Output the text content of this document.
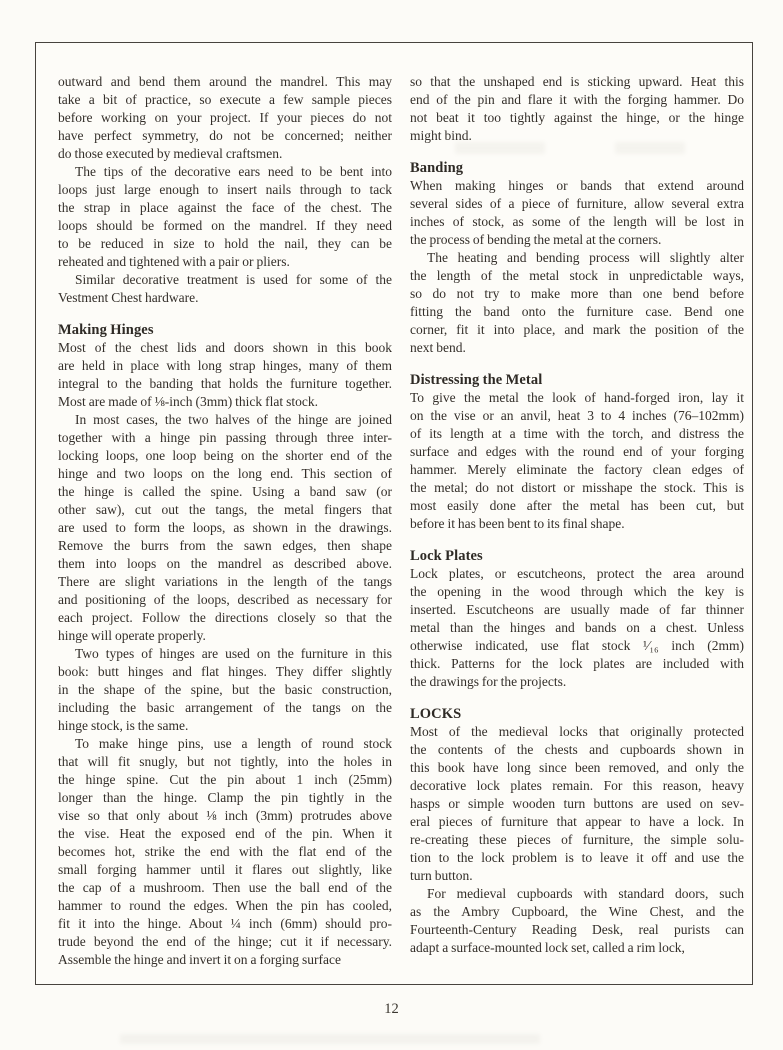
outward and bend them around the mandrel. This may
take a bit of practice, so execute a few sample pieces
before working on your project. If your pieces do not
have perfect symmetry, do not be concerned; neither
do those executed by medieval craftsmen.
The tips of the decorative ears need to be bent into
loops just large enough to insert nails through to tack
the strap in place against the face of the chest. The
loops should be formed on the mandrel. If they need
to be reduced in size to hold the nail, they can be
reheated and tightened with a pair or pliers.
Similar decorative treatment is used for some of the
Vestment Chest hardware.
Making Hinges
Most of the chest lids and doors shown in this book
are held in place with long strap hinges, many of them
integral to the banding that holds the furniture together.
Most are made of ⅛-inch (3mm) thick flat stock.
In most cases, the two halves of the hinge are joined
together with a hinge pin passing through three inter-
locking loops, one loop being on the shorter end of the
hinge and two loops on the long end. This section of
the hinge is called the spine. Using a band saw (or
other saw), cut out the tangs, the metal fingers that
are used to form the loops, as shown in the drawings.
Remove the burrs from the sawn edges, then shape
them into loops on the mandrel as described above.
There are slight variations in the length of the tangs
and positioning of the loops, described as necessary for
each project. Follow the directions closely so that the
hinge will operate properly.
Two types of hinges are used on the furniture in this
book: butt hinges and flat hinges. They differ slightly
in the shape of the spine, but the basic construction,
including the basic arrangement of the tangs on the
hinge stock, is the same.
To make hinge pins, use a length of round stock
that will fit snugly, but not tightly, into the holes in
the hinge spine. Cut the pin about 1 inch (25mm)
longer than the hinge. Clamp the pin tightly in the
vise so that only about ⅛ inch (3mm) protrudes above
the vise. Heat the exposed end of the pin. When it
becomes hot, strike the end with the flat end of the
small forging hammer until it flares out slightly, like
the cap of a mushroom. Then use the ball end of the
hammer to round the edges. When the pin has cooled,
fit it into the hinge. About ¼ inch (6mm) should pro-
trude beyond the end of the hinge; cut it if necessary.
Assemble the hinge and invert it on a forging surface
so that the unshaped end is sticking upward. Heat this
end of the pin and flare it with the forging hammer. Do
not beat it too tightly against the hinge, or the hinge
might bind.
Banding
When making hinges or bands that extend around
several sides of a piece of furniture, allow several extra
inches of stock, as some of the length will be lost in
the process of bending the metal at the corners.
The heating and bending process will slightly alter
the length of the metal stock in unpredictable ways,
so do not try to make more than one bend before
fitting the band onto the furniture case. Bend one
corner, fit it into place, and mark the position of the
next bend.
Distressing the Metal
To give the metal the look of hand-forged iron, lay it
on the vise or an anvil, heat 3 to 4 inches (76–102mm)
of its length at a time with the torch, and distress the
surface and edges with the round end of your forging
hammer. Merely eliminate the factory clean edges of
the metal; do not distort or misshape the stock. This is
most easily done after the metal has been cut, but
before it has been bent to its final shape.
Lock Plates
Lock plates, or escutcheons, protect the area around
the opening in the wood through which the key is
inserted. Escutcheons are usually made of far thinner
metal than the hinges and bands on a chest. Unless
otherwise indicated, use flat stock ¹⁄₁₆ inch (2mm)
thick. Patterns for the lock plates are included with
the drawings for the projects.
LOCKS
Most of the medieval locks that originally protected
the contents of the chests and cupboards shown in
this book have long since been removed, and only the
decorative lock plates remain. For this reason, heavy
hasps or simple wooden turn buttons are used on sev-
eral pieces of furniture that appear to have a lock. In
re-creating these pieces of furniture, the simple solu-
tion to the lock problem is to leave it off and use the
turn button.
For medieval cupboards with standard doors, such
as the Ambry Cupboard, the Wine Chest, and the
Fourteenth-Century Reading Desk, real purists can
adapt a surface-mounted lock set, called a rim lock,
12
